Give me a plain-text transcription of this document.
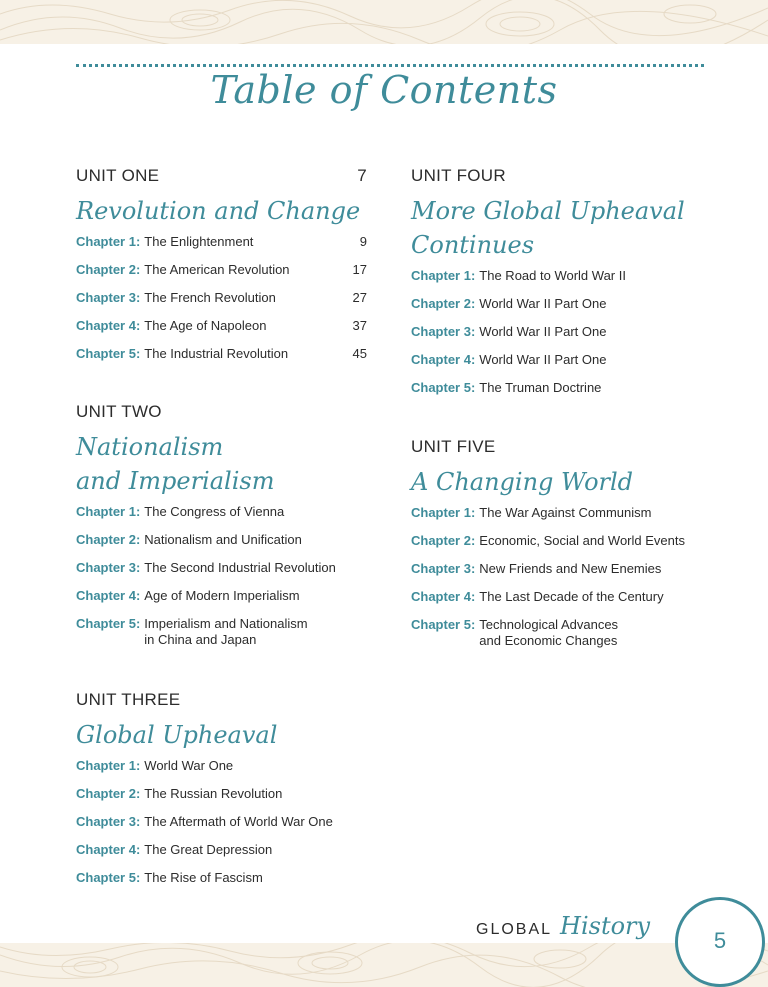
Table of Contents
UNIT ONE	7
Revolution and Change
Chapter 1: The Enlightenment	9
Chapter 2: The American Revolution	17
Chapter 3: The French Revolution	27
Chapter 4: The Age of Napoleon	37
Chapter 5: The Industrial Revolution	45
UNIT TWO
Nationalism
and Imperialism
Chapter 1: The Congress of Vienna
Chapter 2: Nationalism and Unification
Chapter 3: The Second Industrial Revolution
Chapter 4: Age of Modern Imperialism
Chapter 5: Imperialism and Nationalism
in China and Japan
UNIT THREE
Global Upheaval
Chapter 1: World War One
Chapter 2: The Russian Revolution
Chapter 3: The Aftermath of World War One
Chapter 4: The Great Depression
Chapter 5: The Rise of Fascism
UNIT FOUR
More Global Upheaval
Continues
Chapter 1: The Road to World War II
Chapter 2: World War II Part One
Chapter 3: World War II Part One
Chapter 4: World War II Part One
Chapter 5: The Truman Doctrine
UNIT FIVE
A Changing World
Chapter 1: The War Against Communism
Chapter 2: Economic, Social and World Events
Chapter 3: New Friends and New Enemies
Chapter 4: The Last Decade of the Century
Chapter 5: Technological Advances
and Economic Changes
GLOBAL History
5
